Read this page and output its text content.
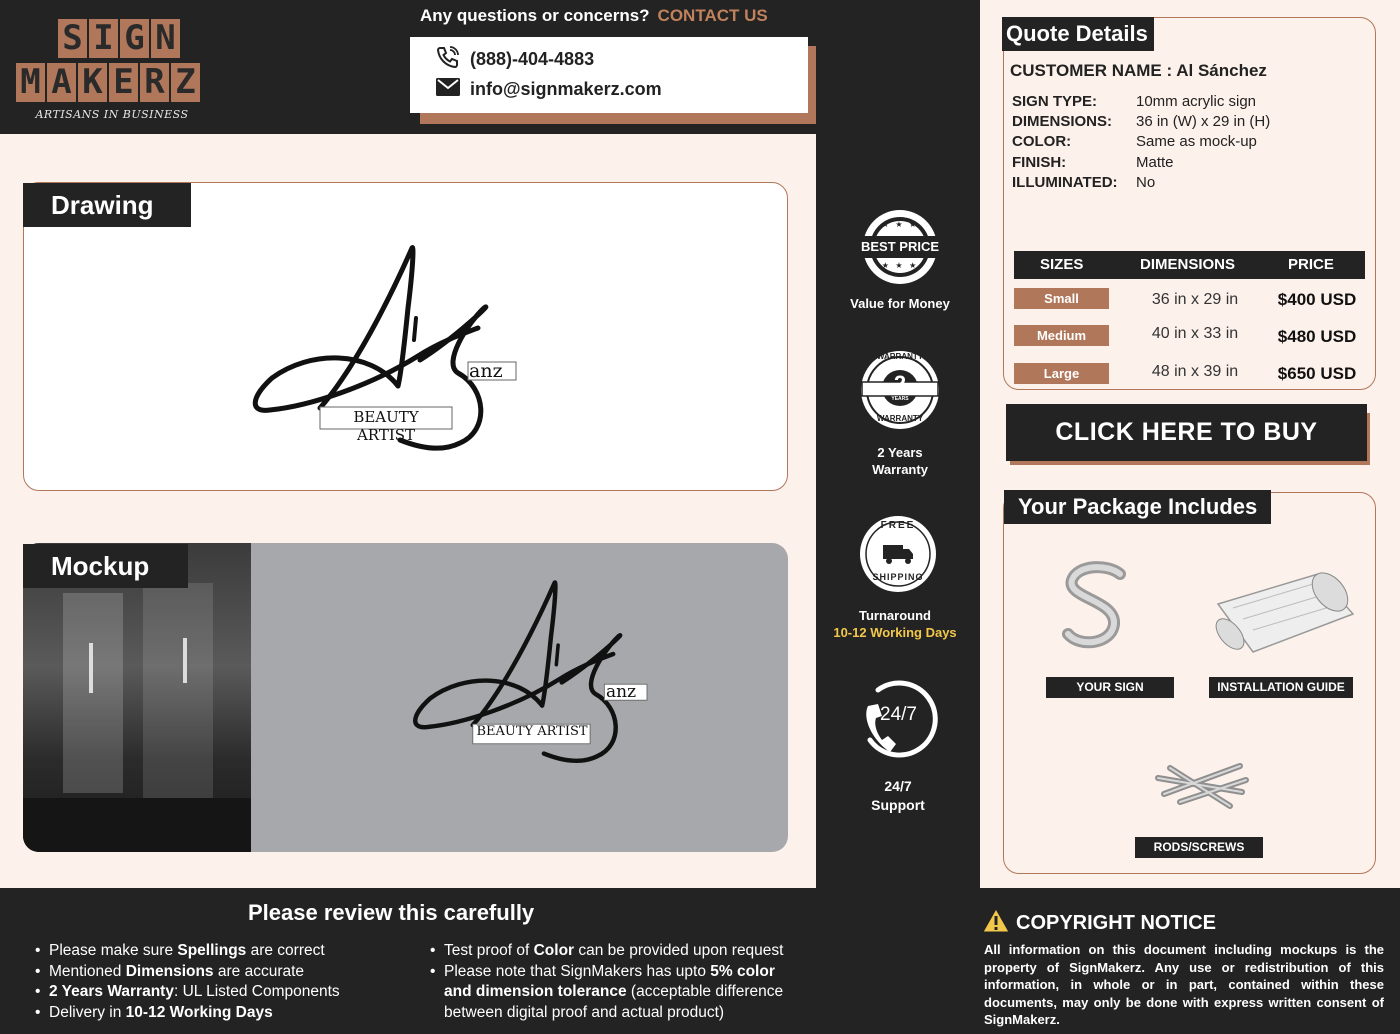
S I G N
M A K E R Z
ARTISANS IN BUSINESS
Any questions or concerns? CONTACT US
(888)-404-4883
info@signmakerz.com
Drawing
anz
BEAUTY ARTIST
Mockup
anz
BEAUTY ARTIST
★ ★ ★
BEST PRICE
★ ★ ★
Value for Money
WARRANTY
2
YEARS
WARRANTY
2 Years
Warranty
FREE
SHIPPING
Turnaround
10-12 Working Days
24/7
24/7
Support
Quote Details
CUSTOMER NAME : Al Sánchez
SIGN TYPE:	10mm acrylic sign
DIMENSIONS: 36 in (W) x 29 in (H)
COLOR:	Same as mock-up
FINISH:	Matte
ILLUMINATED: No
SIZES	DIMENSIONS	PRICE
Small	36 in x 29 in	$400 USD
Medium	40 in x 33 in	$480 USD
Large	48 in x 39 in	$650 USD
CLICK HERE TO BUY
Your Package Includes
YOUR SIGN	INSTALLATION GUIDE
RODS/SCREWS
Please review this carefully
• Please make sure Spellings are correct
• Mentioned Dimensions are accurate
• 2 Years Warranty: UL Listed Components
• Delivery in 10-12 Working Days
• Test proof of Color can be provided upon request
• Please note that SignMakers has upto 5% color
and dimension tolerance (acceptable difference
between digital proof and actual product)
COPYRIGHT NOTICE
All information on this document including mockups is the property of SignMakerz. Any use or redistribution of this information, in whole or in part, contained within these documents, may only be done with express written consent of SignMakerz.
